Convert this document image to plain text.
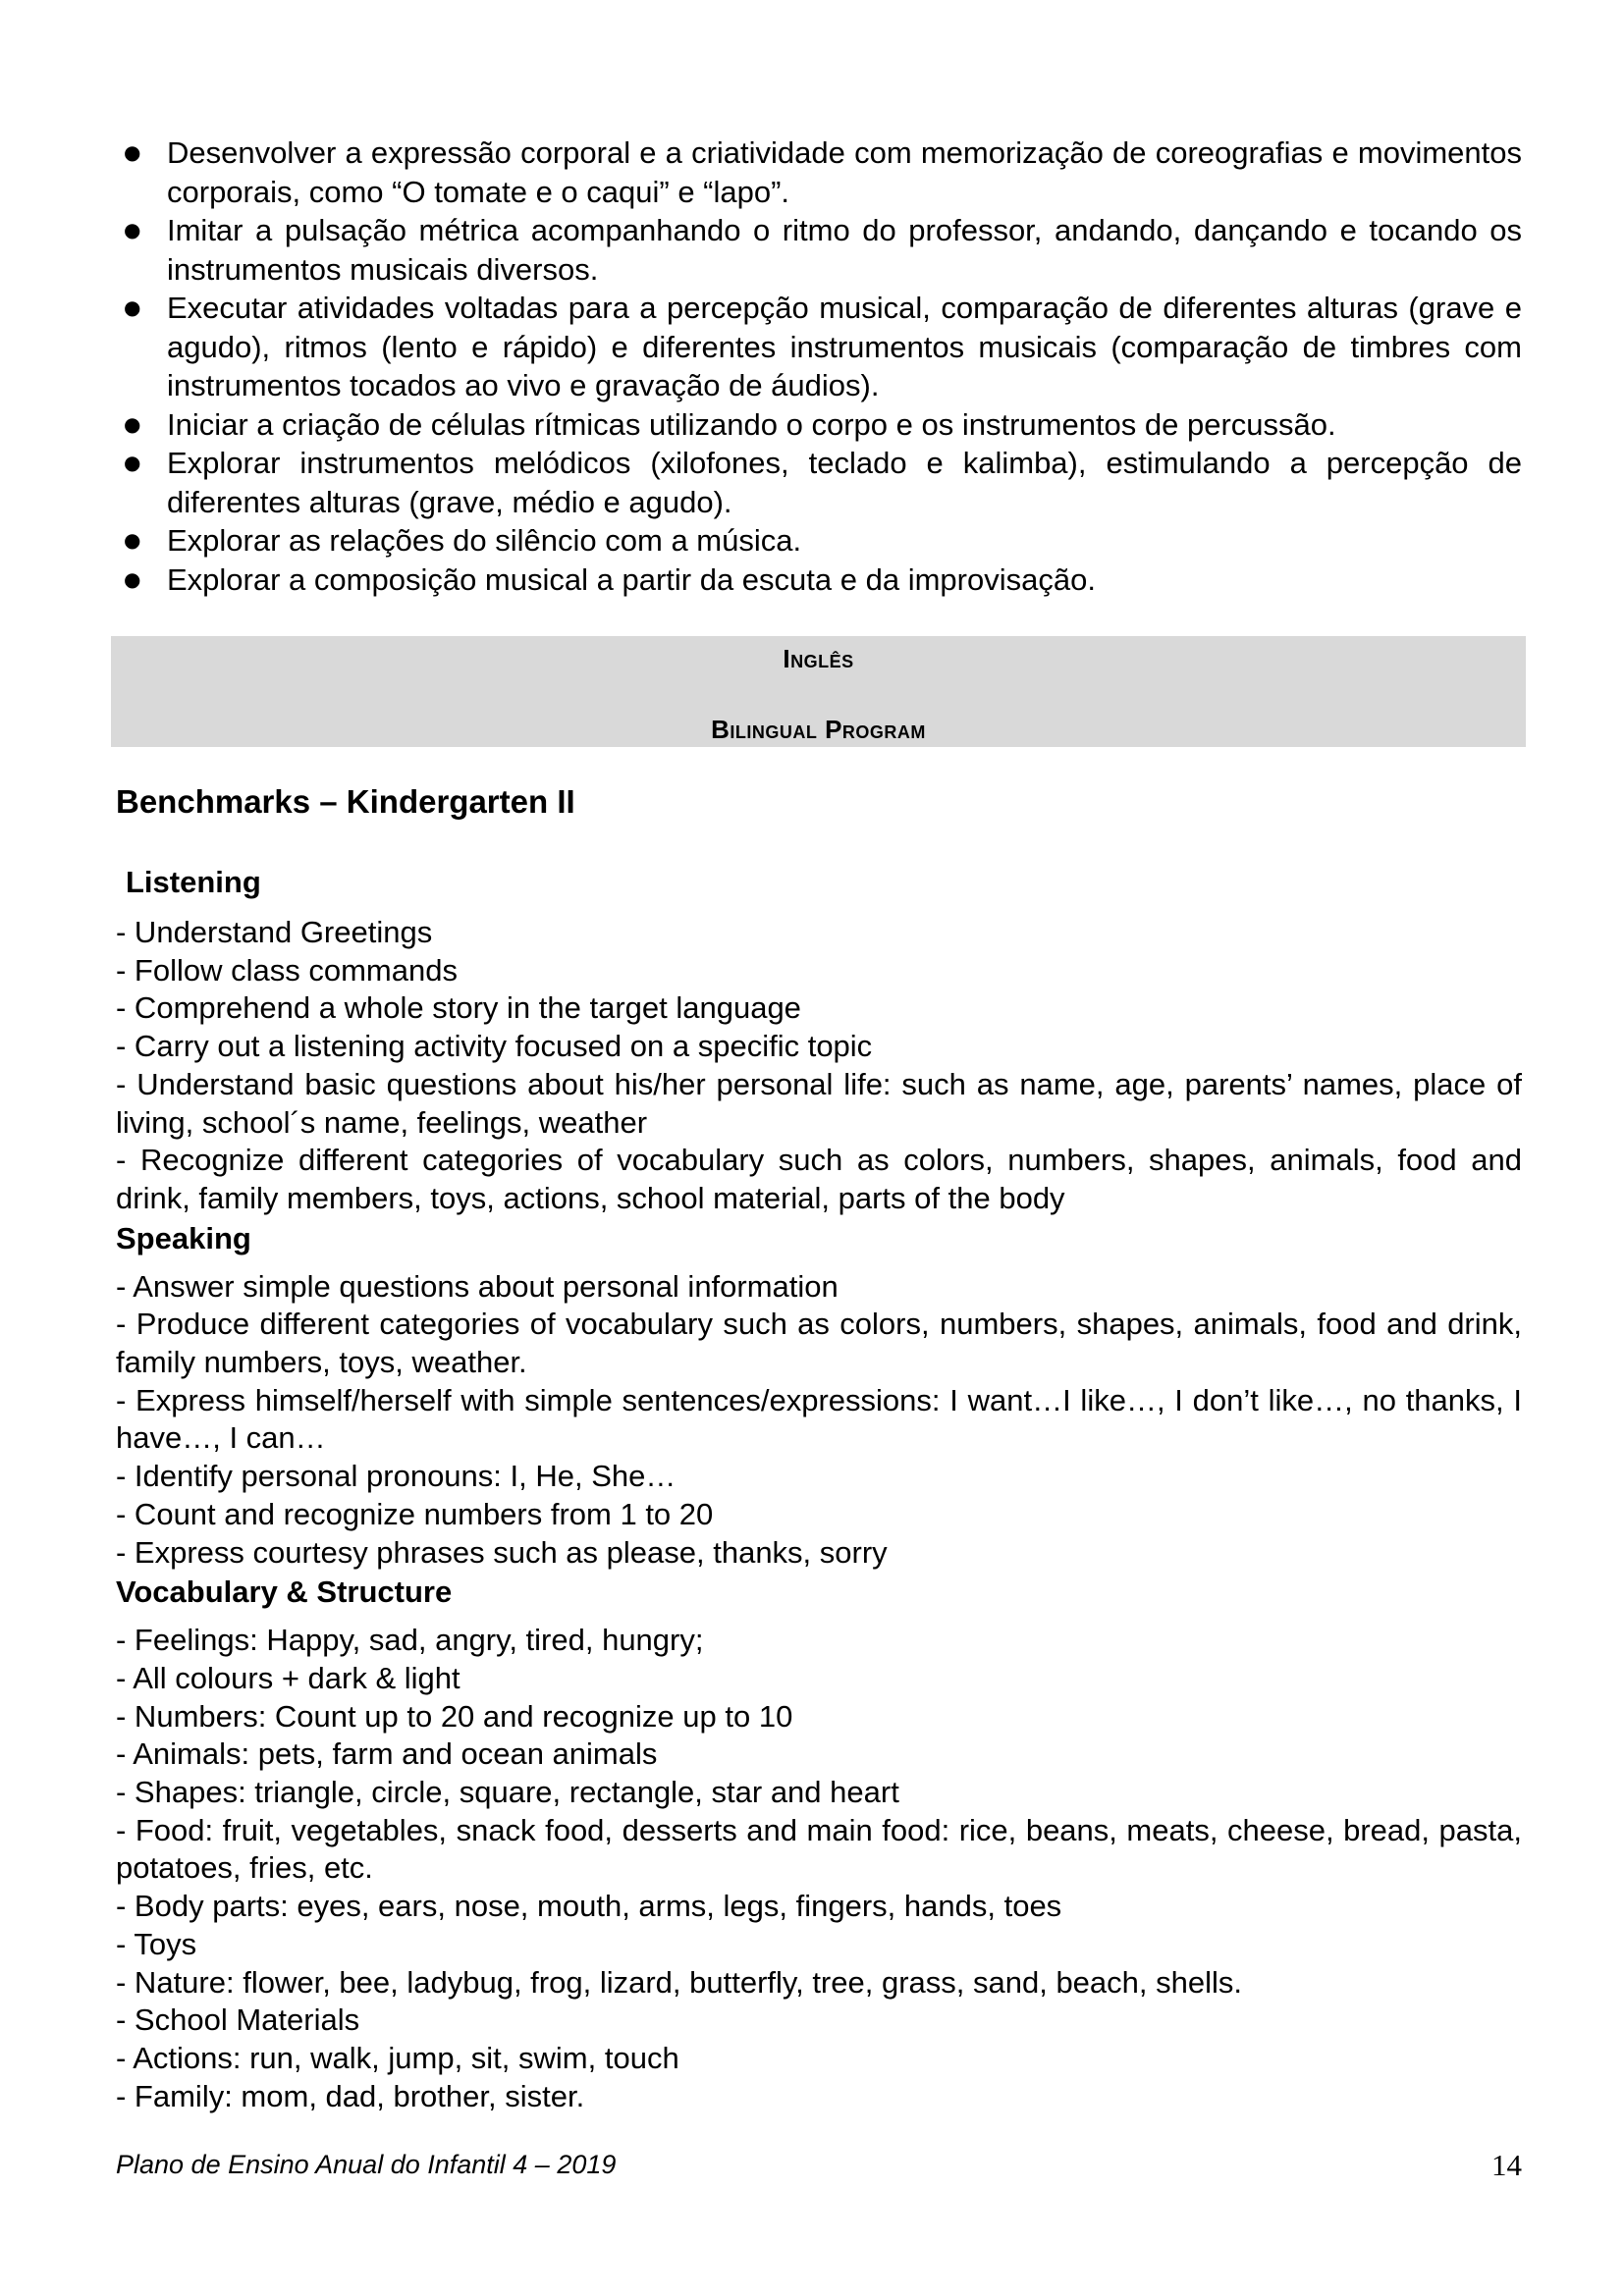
● Desenvolver a expressão corporal e a criatividade com memorização de coreografias e movimentos corporais, como “O tomate e o caqui” e “lapo”.
● Imitar a pulsação métrica acompanhando o ritmo do professor, andando, dançando e tocando os instrumentos musicais diversos.
● Executar atividades voltadas para a percepção musical, comparação de diferentes alturas (grave e agudo), ritmos (lento e rápido) e diferentes instrumentos musicais (comparação de timbres com instrumentos tocados ao vivo e gravação de áudios).
● Iniciar a criação de células rítmicas utilizando o corpo e os instrumentos de percussão.
● Explorar instrumentos melódicos (xilofones, teclado e kalimba), estimulando a percepção de diferentes alturas (grave, médio e agudo).
● Explorar as relações do silêncio com a música.
● Explorar a composição musical a partir da escuta e da improvisação.
Inglês
Bilingual Program
Benchmarks – Kindergarten II
Listening
- Understand Greetings
- Follow class commands
- Comprehend a whole story in the target language
- Carry out a listening activity focused on a specific topic
- Understand basic questions about his/her personal life: such as name, age, parents’ names, place of living, school´s name, feelings, weather
- Recognize different categories of vocabulary such as colors, numbers, shapes, animals, food and drink, family members, toys, actions, school material, parts of the body
Speaking
- Answer simple questions about personal information
- Produce different categories of vocabulary such as colors, numbers, shapes, animals, food and drink, family numbers, toys, weather.
- Express himself/herself with simple sentences/expressions: I want…I like…, I don’t like…, no thanks, I have…, I can…
- Identify personal pronouns: I, He, She…
- Count and recognize numbers from 1 to 20
- Express courtesy phrases such as please, thanks, sorry
Vocabulary & Structure
- Feelings: Happy, sad, angry, tired, hungry;
- All colours + dark & light
- Numbers: Count up to 20 and recognize up to 10
- Animals: pets, farm and ocean animals
- Shapes: triangle, circle, square, rectangle, star and heart
- Food: fruit, vegetables, snack food, desserts and main food: rice, beans, meats, cheese, bread, pasta, potatoes, fries, etc.
- Body parts: eyes, ears, nose, mouth, arms, legs, fingers, hands, toes
- Toys
- Nature: flower, bee, ladybug, frog, lizard, butterfly, tree, grass, sand, beach, shells.
- School Materials
- Actions: run, walk, jump, sit, swim, touch
- Family: mom, dad, brother, sister.
Plano de Ensino Anual do Infantil 4 – 2019	14
